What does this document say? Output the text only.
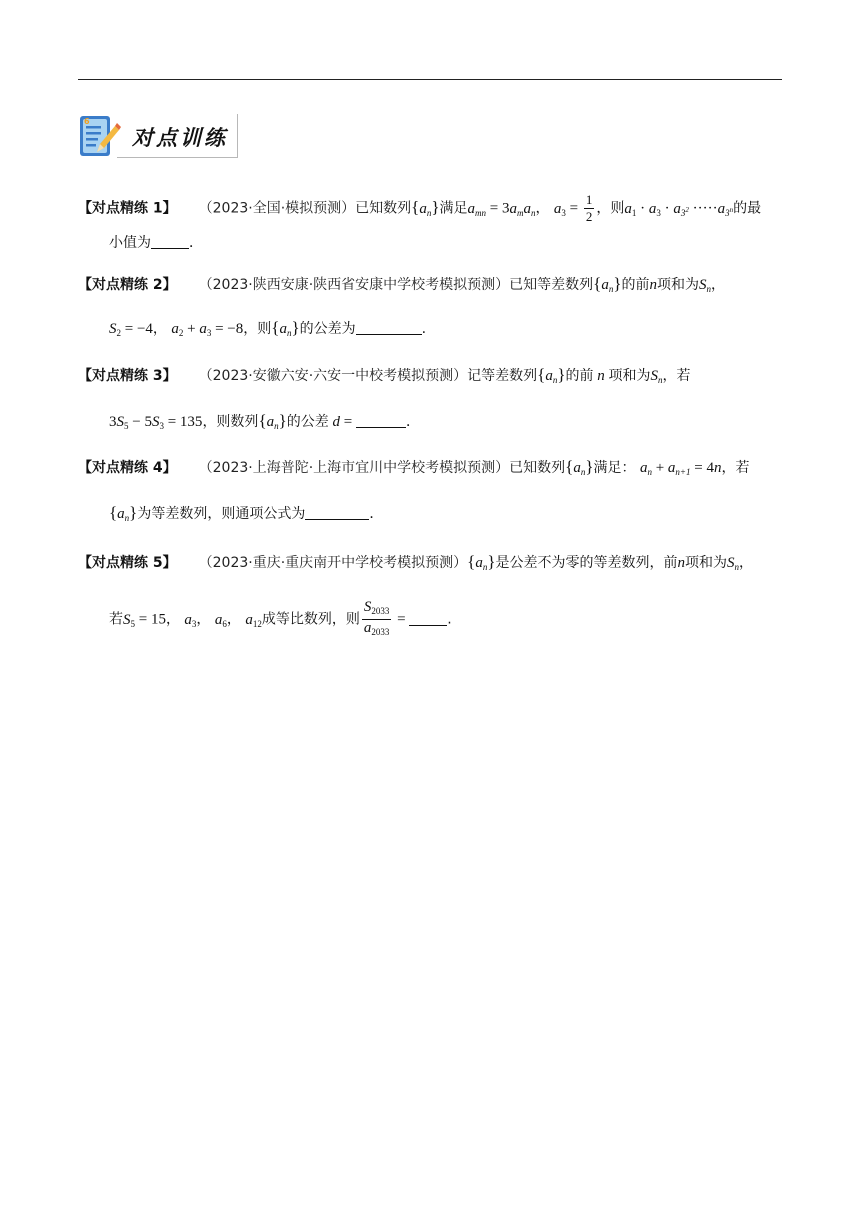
6
对点训练
【对点精练 1】 （2023·全国·模拟预测）已知数列$\{a_n\}$满足$a_{mn} = 3a_ma_n$， $a_3 = \frac{1}{2}$ ，则$a_1 \cdot a_3 \cdot a_{3^2} \cdot\cdot\cdot\cdot\cdot a_{3^n}$的最
小值为	．
【对点精练 2】 （2023·陕西安康·陕西省安康中学校考模拟预测）已知等差数列$\{a_n\}$的前n项和为$S_n$，
$S_2 = -4$， $a_2 + a_3 = -8$，则$\{a_n\}$的公差为	.
【对点精练 3】 （2023·安徽六安·六安一中校考模拟预测）记等差数列$\{a_n\}$的前 n 项和为$S_n$，若
$3S_5 - 5S_3 = 135$，则数列$\{a_n\}$的公差 d =	．
【对点精练 4】 （2023·上海普陀·上海市宜川中学校考模拟预测）已知数列$\{a_n\}$满足： $a_n + a_{n+1} = 4n$，若
$\{a_n\}$为等差数列，则通项公式为	．
【对点精练 5】 （2023·重庆·重庆南开中学校考模拟预测）$\{a_n\}$是公差不为零的等差数列，前n项和为$S_n$，
若$S_5 = 15$， $a_3$， $a_6$， $a_{12}$成等比数列，则 $\frac{S_{2033}}{a_{2033}}$ =	.
